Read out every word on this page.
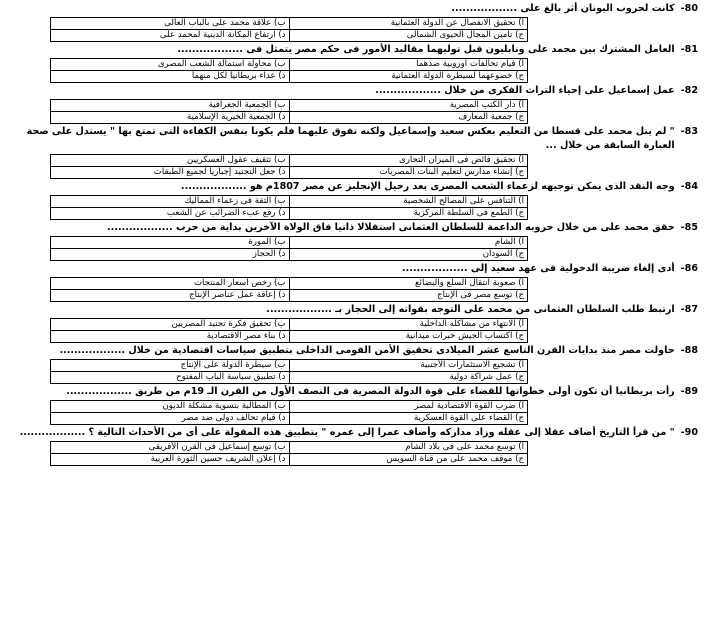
80-
كانت لحروب اليونان أثر بالغ على ..................
أ) تحقيق الانفصال عن الدولة العثمانية	ب) علاقة محمد على بالباب العالى
ج) تأمين المجال الحيوى الشمالى	د) ارتفاع المكانة الدينية لمحمد على
81-
العامل المشترك بين محمد على ونابليون قبل توليهما مقاليد الأمور فى حكم مصر يتمثل فى ..................
أ) قيام تحالفات أوروبية ضدهما	ب) محاولة استمالة الشعب المصرى
ج) خضوعهما لسيطرة الدولة العثمانية	د) عداء بريطانيا لكل منهما
82-
عمل إسماعيل على إحياء التراث الفكرى من خلال ..................
أ) دار الكتب المصرية	ب) الجمعية الجغرافية
ج) جمعية المعارف	د) الجمعية الخيرية الإسلامية
83-
" لم ينل محمد على قسطا من التعليم بعكس سعيد وإسماعيل ولكنه تفوق عليهما فلم يكونا بنفس الكفاءة التى تمتع بها " يستدل على صحة العبارة السابقة من خلال ...
أ) تحقيق فائض فى الميزان التجارى	ب) تثقيف عقول العسكريين
ج) إنشاء مدارس لتعليم البنات المصريات	د) جعل التجنيد إجباريا لجميع الطبقات
84-
وجه النقد الذى يمكن توجيهه لزعماء الشعب المصرى بعد رحيل الإنجليز عن مصر 1807م هو ..................
أ) التنافس على المصالح الشخصية	ب) الثقة فى زعماء المماليك
ج) الطمع فى السلطة المركزية	د) رفع عبء الضرائب عن الشعب
85-
حقق محمد على من خلال حروبه الداعمة للسلطان العثمانى استقلالا ذاتيا فاق الولاة الآخرين بداية من حرب ..................
أ) الشام	ب) المورة
ج) السودان	د) الحجاز
86-
أدى إلغاء ضريبة الدخولية فى عهد سعيد إلى ..................
أ) صعوبة انتقال السلع والبضائع	ب) رخص أسعار المنتجات
ج) توسع مصر فى الإنتاج	د) إعاقة عمل عناصر الإنتاج
87-
ارتبط طلب السلطان العثمانى من محمد على التوجه بقواته إلى الحجاز بـ ..................
أ) الانتهاء من مشاكله الداخلية	ب) تحقيق فكرة تجنيد المصريين
ج) اكتساب الجيش خبرات ميدانية	د) بناء مصر الاقتصادية
88-
حاولت مصر منذ بدايات القرن التاسع عشر الميلادى تحقيق الأمن القومى الداخلى بتطبيق سياسات اقتصادية من خلال ..................
أ) تشجيع الاستثمارات الأجنبية	ب) سيطرة الدولة على الإنتاج
ج) عمل شراكة دولية	د) تطبيق سياسة الباب المفتوح
89-
رأت بريطانيا أن تكون أولى خطواتها للقضاء على قوة الدولة المصرية فى النصف الأول من القرن الـ 19م من طريق ..................
أ) ضرب القوة الاقتصادية لمصر	ب) المطالبة بتسوية مشكلة الديون
ج) القضاء على القوة العسكرية	د) قيام تحالف دولى ضد مصر
90-
" من قرأ التاريخ أضاف عقلا إلى عقله وزاد مداركه وأضاف عمرا إلى عمره " بتطبيق هذه المقولة على أى من الأحداث التالية ؟ ..................
أ) توسع محمد على فى بلاد الشام	ب) توسع إسماعيل فى القرن الأفريقى
ج) موقف محمد على من قناة السويس	د) إعلان الشريف حسين الثورة العربية
